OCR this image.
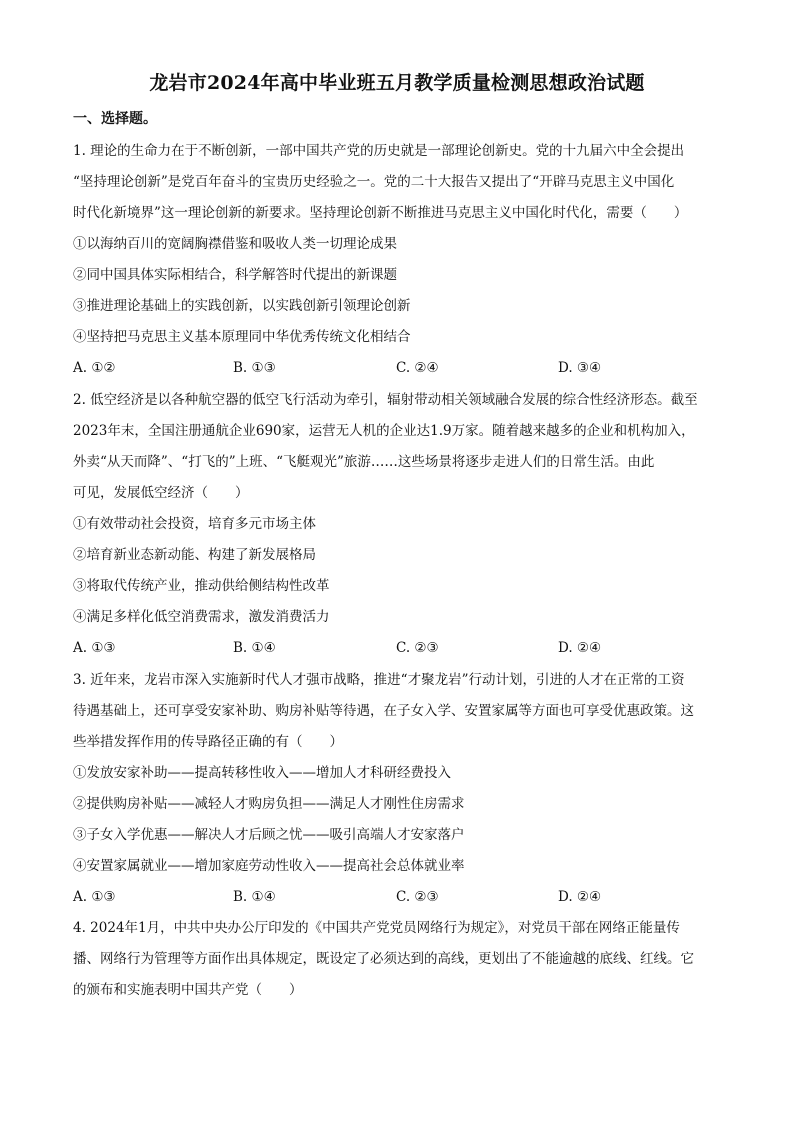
龙岩市2024年高中毕业班五月教学质量检测思想政治试题
一、选择题。
1. 理论的生命力在于不断创新，一部中国共产党的历史就是一部理论创新史。党的十九届六中全会提出
“坚持理论创新”是党百年奋斗的宝贵历史经验之一。党的二十大报告又提出了“开辟马克思主义中国化
时代化新境界”这一理论创新的新要求。坚持理论创新不断推进马克思主义中国化时代化，需要（　　）
①以海纳百川的宽阔胸襟借鉴和吸收人类一切理论成果
②同中国具体实际相结合，科学解答时代提出的新课题
③推进理论基础上的实践创新，以实践创新引领理论创新
④坚持把马克思主义基本原理同中华优秀传统文化相结合
A. ①②	B. ①③	C. ②④	D. ③④
2. 低空经济是以各种航空器的低空飞行活动为牵引，辐射带动相关领域融合发展的综合性经济形态。截至
2023年末，全国注册通航企业690家，运营无人机的企业达1.9万家。随着越来越多的企业和机构加入，
外卖“从天而降”、“打飞的”上班、“飞艇观光”旅游……这些场景将逐步走进人们的日常生活。由此
可见，发展低空经济（　　）
①有效带动社会投资，培育多元市场主体
②培育新业态新动能、构建了新发展格局
③将取代传统产业，推动供给侧结构性改革
④满足多样化低空消费需求，激发消费活力
A. ①③	B. ①④	C. ②③	D. ②④
3. 近年来，龙岩市深入实施新时代人才强市战略，推进“才聚龙岩”行动计划，引进的人才在正常的工资
待遇基础上，还可享受安家补助、购房补贴等待遇，在子女入学、安置家属等方面也可享受优惠政策。这
些举措发挥作用的传导路径正确的有（　　）
①发放安家补助——提高转移性收入——增加人才科研经费投入
②提供购房补贴——减轻人才购房负担——满足人才刚性住房需求
③子女入学优惠——解决人才后顾之忧——吸引高端人才安家落户
④安置家属就业——增加家庭劳动性收入——提高社会总体就业率
A. ①③	B. ①④	C. ②③	D. ②④
4. 2024年1月，中共中央办公厅印发的《中国共产党党员网络行为规定》，对党员干部在网络正能量传
播、网络行为管理等方面作出具体规定，既设定了必须达到的高线，更划出了不能逾越的底线、红线。它
的颁布和实施表明中国共产党（　　）
